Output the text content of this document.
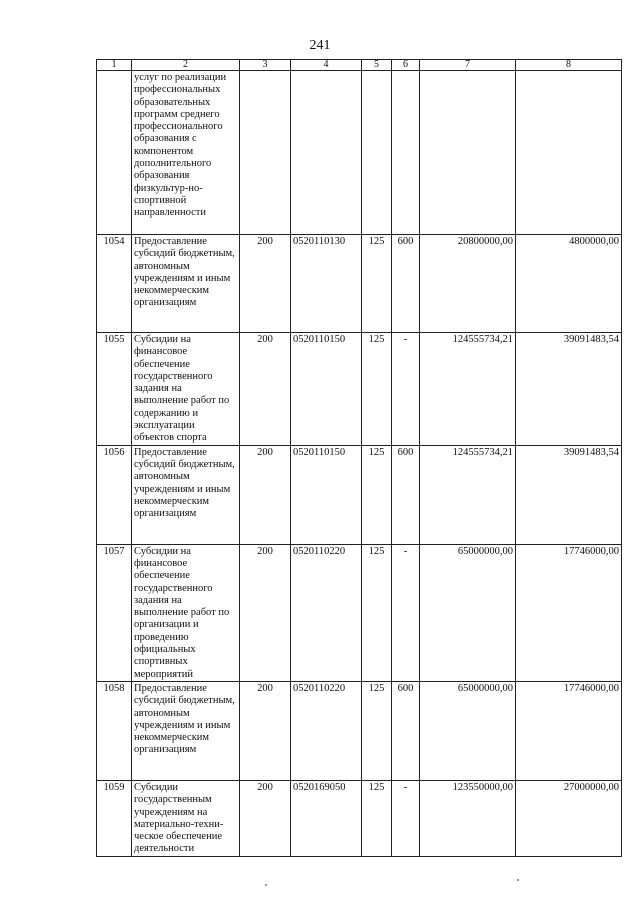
241
1	2	3	4	5	6	7	8
	услуг по реализации профессиональных образовательных программ среднего профессионального образования с компонентом дополнительного образования физкультур-но-спортивной направленности						
1054	Предоставление субсидий бюджетным, автономным учреждениям и иным некоммерческим организациям	200	0520110130	125	600	20800000,00	4800000,00
1055	Субсидии на финансовое обеспечение государственного задания на выполнение работ по содержанию и эксплуатации объектов спорта	200	0520110150	125	-	124555734,21	39091483,54
1056	Предоставление субсидий бюджетным, автономным учреждениям и иным некоммерческим организациям	200	0520110150	125	600	124555734,21	39091483,54
1057	Субсидии на финансовое обеспечение государственного задания на выполнение работ по организации и проведению официальных спортивных мероприятий	200	0520110220	125	-	65000000,00	17746000,00
1058	Предоставление субсидий бюджетным, автономным учреждениям и иным некоммерческим организациям	200	0520110220	125	600	65000000,00	17746000,00
1059	Субсидии государственным учреждениям на материально-техни-ческое обеспечение деятельности	200	0520169050	125	-	123550000,00	27000000,00
